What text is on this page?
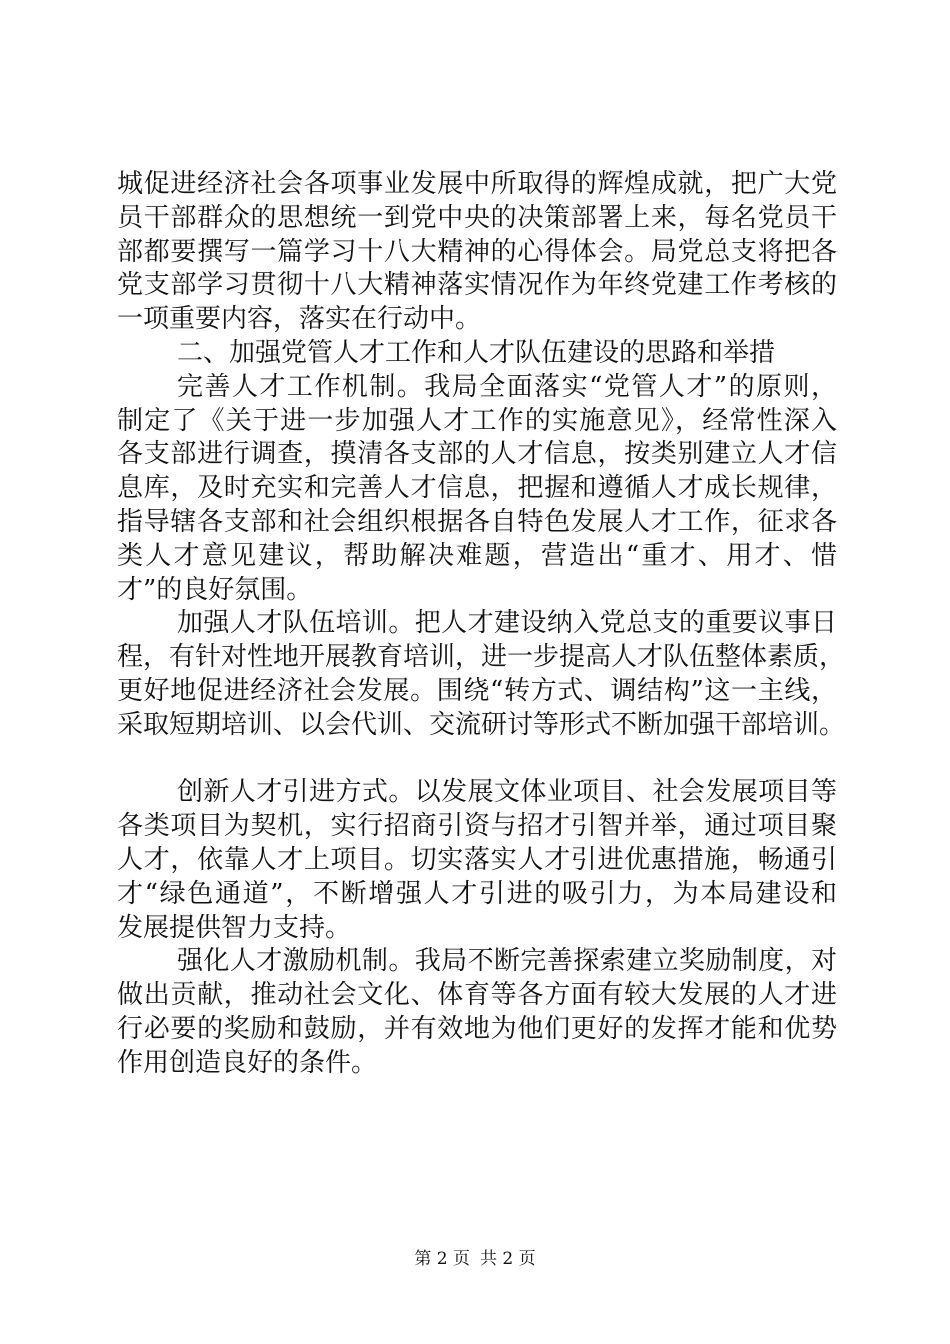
城促进经济社会各项事业发展中所取得的辉煌成就，把广大党
员干部群众的思想统一到党中央的决策部署上来，每名党员干
部都要撰写一篇学习十八大精神的心得体会。局党总支将把各
党支部学习贯彻十八大精神落实情况作为年终党建工作考核的
一项重要内容，落实在行动中。
二、加强党管人才工作和人才队伍建设的思路和举措
完善人才工作机制。我局全面落实“党管人才”的原则，
制定了《关于进一步加强人才工作的实施意见》，经常性深入
各支部进行调查，摸清各支部的人才信息，按类别建立人才信
息库，及时充实和完善人才信息，把握和遵循人才成长规律，
指导辖各支部和社会组织根据各自特色发展人才工作，征求各
类人才意见建议，帮助解决难题，营造出“重才、用才、惜
才”的良好氛围。
加强人才队伍培训。把人才建设纳入党总支的重要议事日
程，有针对性地开展教育培训，进一步提高人才队伍整体素质，
更好地促进经济社会发展。围绕“转方式、调结构”这一主线，
采取短期培训、以会代训、交流研讨等形式不断加强干部培训。
创新人才引进方式。以发展文体业项目、社会发展项目等
各类项目为契机，实行招商引资与招才引智并举，通过项目聚
人才，依靠人才上项目。切实落实人才引进优惠措施，畅通引
才“绿色通道”，不断增强人才引进的吸引力，为本局建设和
发展提供智力支持。
强化人才激励机制。我局不断完善探索建立奖励制度，对
做出贡献，推动社会文化、体育等各方面有较大发展的人才进
行必要的奖励和鼓励，并有效地为他们更好的发挥才能和优势
作用创造良好的条件。
第 2 页 共 2 页
